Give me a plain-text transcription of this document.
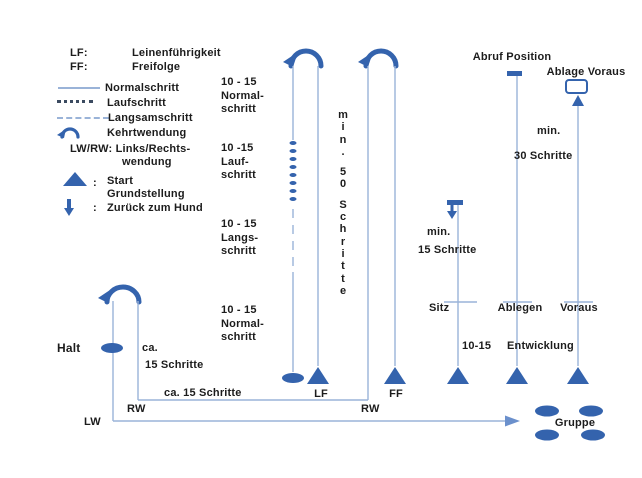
LF:	Leinenführigkeit
FF:	Freifolge
Normalschritt
Laufschritt
Langsamschritt
Kehrtwendung
LW/RW: Links/Rechts-
wendung
: Start
Grundstellung
: Zurück zum Hund
10 - 15
Normal-
schritt
10 -15
Lauf-
schritt
10 - 15
Langs-
schritt
10 - 15
Normal-
schritt
m
i
n
.
5
0
S
c
h
r
i
t
t
e
Halt	ca.
15 Schritte
ca. 15 Schritte
RW
LW
RW
LF	FF
Abruf Position
Ablage Voraus
min.
30 Schritte
min.
15 Schritte
Sitz	Ablegen Voraus
10-15 Entwicklung
Gruppe
